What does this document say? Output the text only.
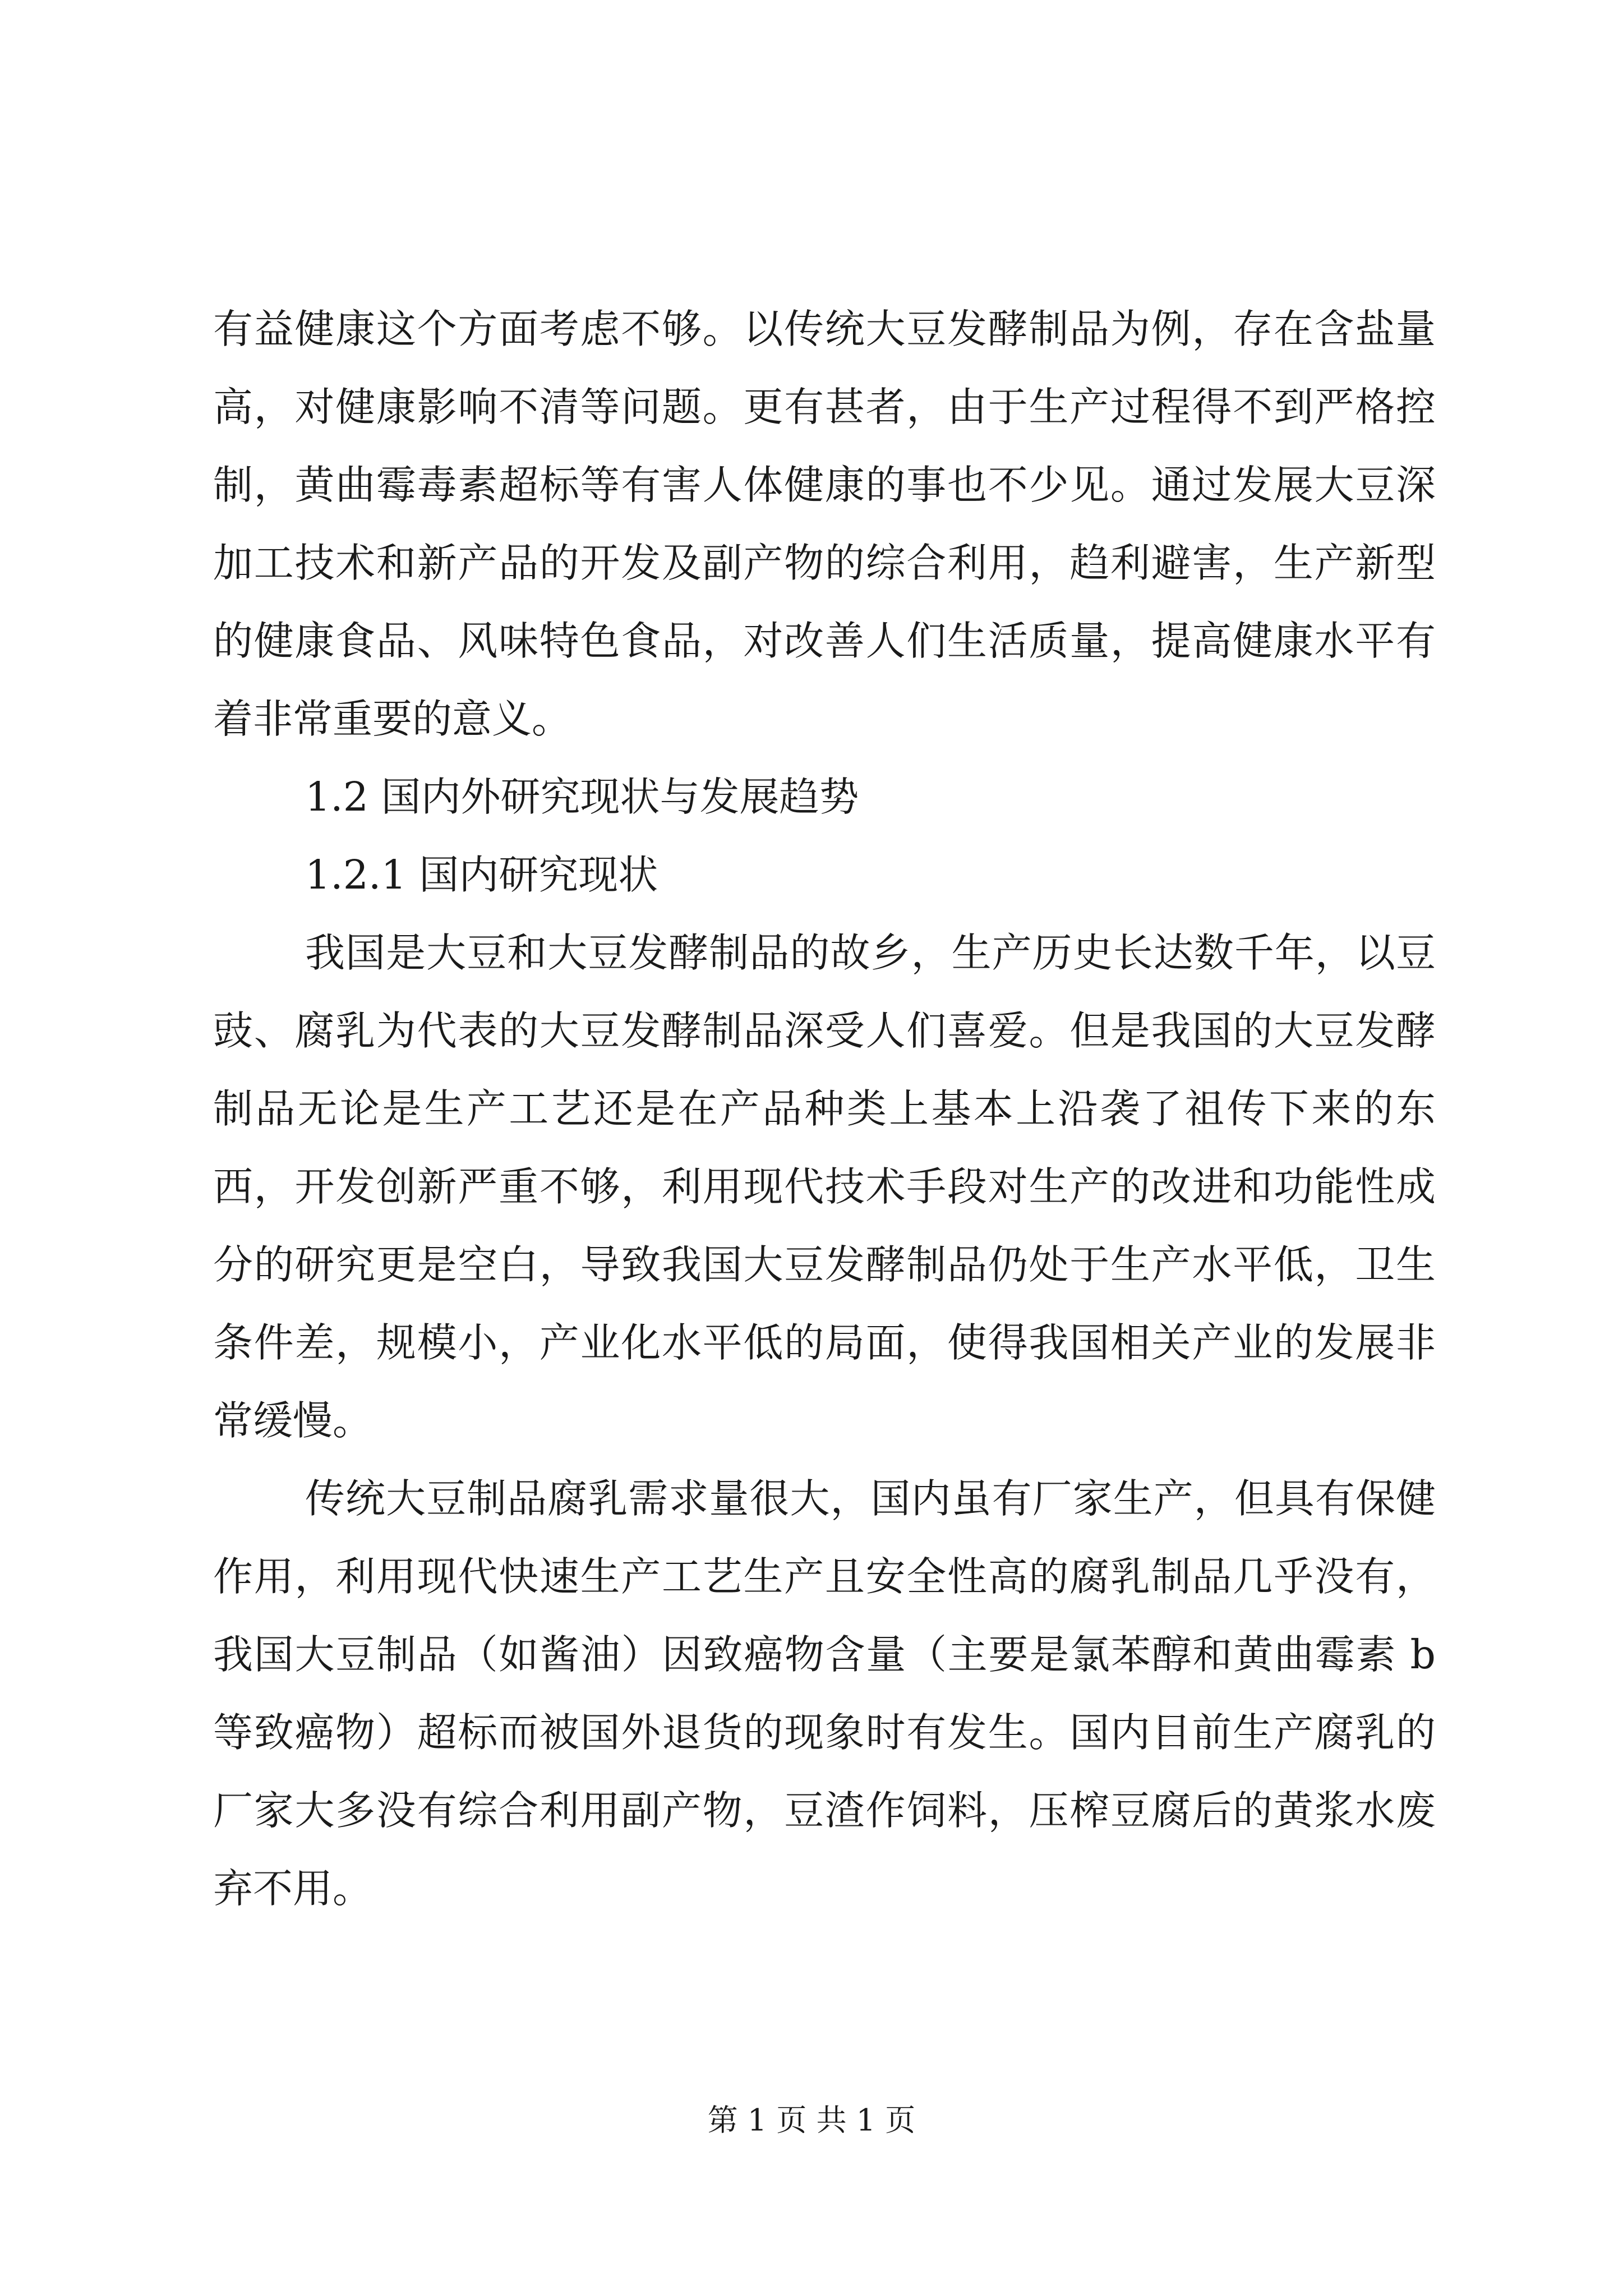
有益健康这个方面考虑不够。以传统大豆发酵制品为例，存在含盐量高，对健康影响不清等问题。更有甚者，由于生产过程得不到严格控制，黄曲霉毒素超标等有害人体健康的事也不少见。通过发展大豆深加工技术和新产品的开发及副产物的综合利用，趋利避害，生产新型的健康食品、风味特色食品，对改善人们生活质量，提高健康水平有着非常重要的意义。

1.2 国内外研究现状与发展趋势

1.2.1 国内研究现状

我国是大豆和大豆发酵制品的故乡，生产历史长达数千年，以豆豉、腐乳为代表的大豆发酵制品深受人们喜爱。但是我国的大豆发酵制品无论是生产工艺还是在产品种类上基本上沿袭了祖传下来的东西，开发创新严重不够，利用现代技术手段对生产的改进和功能性成分的研究更是空白，导致我国大豆发酵制品仍处于生产水平低，卫生条件差，规模小，产业化水平低的局面，使得我国相关产业的发展非常缓慢。

传统大豆制品腐乳需求量很大，国内虽有厂家生产，但具有保健作用，利用现代快速生产工艺生产且安全性高的腐乳制品几乎没有，我国大豆制品（如酱油）因致癌物含量（主要是氯苯醇和黄曲霉素 b 等致癌物）超标而被国外退货的现象时有发生。国内目前生产腐乳的厂家大多没有综合利用副产物，豆渣作饲料，压榨豆腐后的黄浆水废弃不用。

第 1 页 共 1 页
